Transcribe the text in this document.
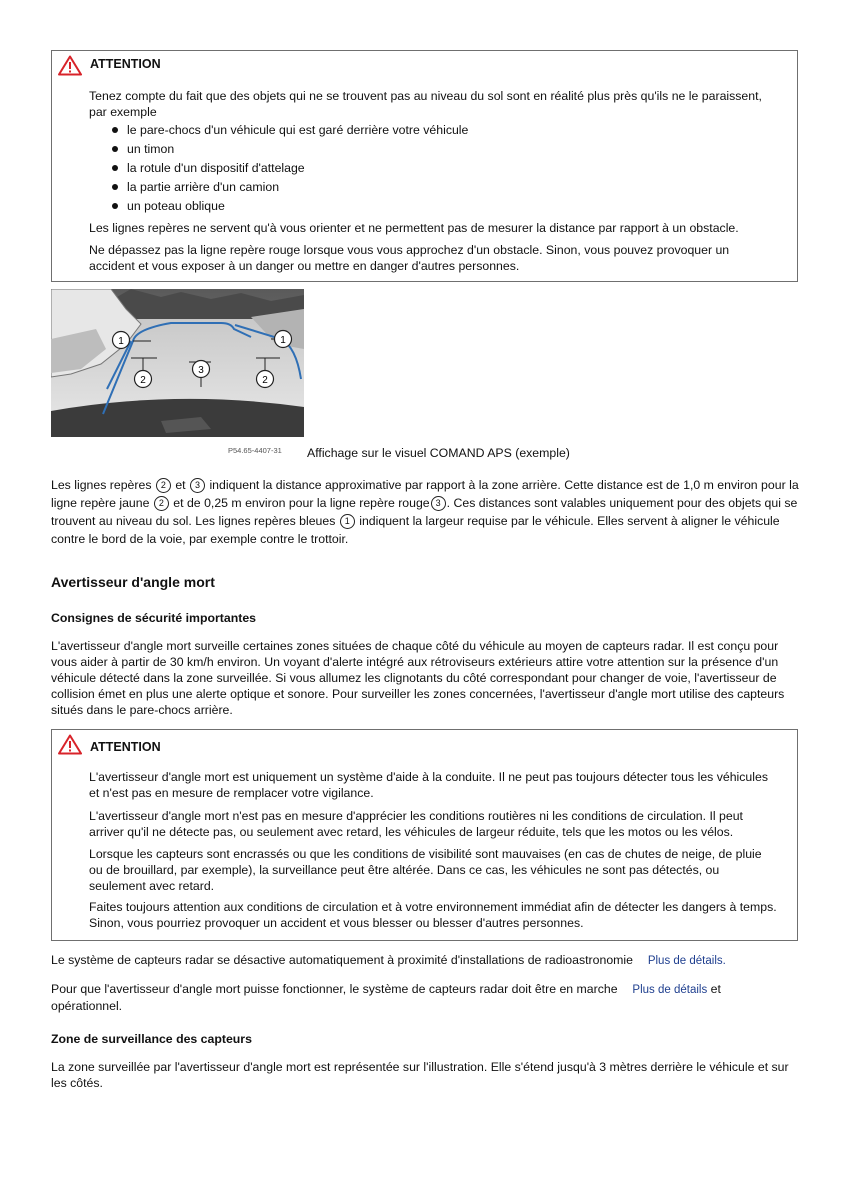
ATTENTION
Tenez compte du fait que des objets qui ne se trouvent pas au niveau du sol sont en réalité plus près qu'ils ne le paraissent, par exemple
le pare-chocs d'un véhicule qui est garé derrière votre véhicule
un timon
la rotule d'un dispositif d'attelage
la partie arrière d'un camion
un poteau oblique
Les lignes repères ne servent qu'à vous orienter et ne permettent pas de mesurer la distance par rapport à un obstacle.
Ne dépassez pas la ligne repère rouge lorsque vous vous approchez d'un obstacle. Sinon, vous pouvez provoquer un accident et vous exposer à un danger ou mettre en danger d'autres personnes.
1	1
2	2
3
P54.65-4407-31 Affichage sur le visuel COMAND APS (exemple)
Les lignes repères 2 et 3 indiquent la distance approximative par rapport à la zone arrière. Cette distance est de 1,0 m environ pour la ligne repère jaune 2 et de 0,25 m environ pour la ligne repère rouge 3 . Ces distances sont valables uniquement pour des objets qui se trouvent au niveau du sol. Les lignes repères bleues 1 indiquent la largeur requise par le véhicule. Elles servent à aligner le véhicule contre le bord de la voie, par exemple contre le trottoir.
Avertisseur d'angle mort
Consignes de sécurité importantes
L'avertisseur d'angle mort surveille certaines zones situées de chaque côté du véhicule au moyen de capteurs radar. Il est conçu pour vous aider à partir de 30 km/h environ. Un voyant d'alerte intégré aux rétroviseurs extérieurs attire votre attention sur la présence d'un véhicule détecté dans la zone surveillée. Si vous allumez les clignotants du côté correspondant pour changer de voie, l'avertisseur de collision émet en plus une alerte optique et sonore. Pour surveiller les zones concernées, l'avertisseur d'angle mort utilise des capteurs situés dans le pare-chocs arrière.
ATTENTION
L'avertisseur d'angle mort est uniquement un système d'aide à la conduite. Il ne peut pas toujours détecter tous les véhicules et n'est pas en mesure de remplacer votre vigilance.
L'avertisseur d'angle mort n'est pas en mesure d'apprécier les conditions routières ni les conditions de circulation. Il peut arriver qu'il ne détecte pas, ou seulement avec retard, les véhicules de largeur réduite, tels que les motos ou les vélos.
Lorsque les capteurs sont encrassés ou que les conditions de visibilité sont mauvaises (en cas de chutes de neige, de pluie ou de brouillard, par exemple), la surveillance peut être altérée. Dans ce cas, les véhicules ne sont pas détectés, ou seulement avec retard.
Faites toujours attention aux conditions de circulation et à votre environnement immédiat afin de détecter les dangers à temps. Sinon, vous pourriez provoquer un accident et vous blesser ou blesser d'autres personnes.
Le système de capteurs radar se désactive automatiquement à proximité d'installations de radioastronomie Plus de détails.
Pour que l'avertisseur d'angle mort puisse fonctionner, le système de capteurs radar doit être en marche Plus de détails et
opérationnel.
Zone de surveillance des capteurs
La zone surveillée par l'avertisseur d'angle mort est représentée sur l'illustration. Elle s'étend jusqu'à 3 mètres derrière le véhicule et sur les côtés.
